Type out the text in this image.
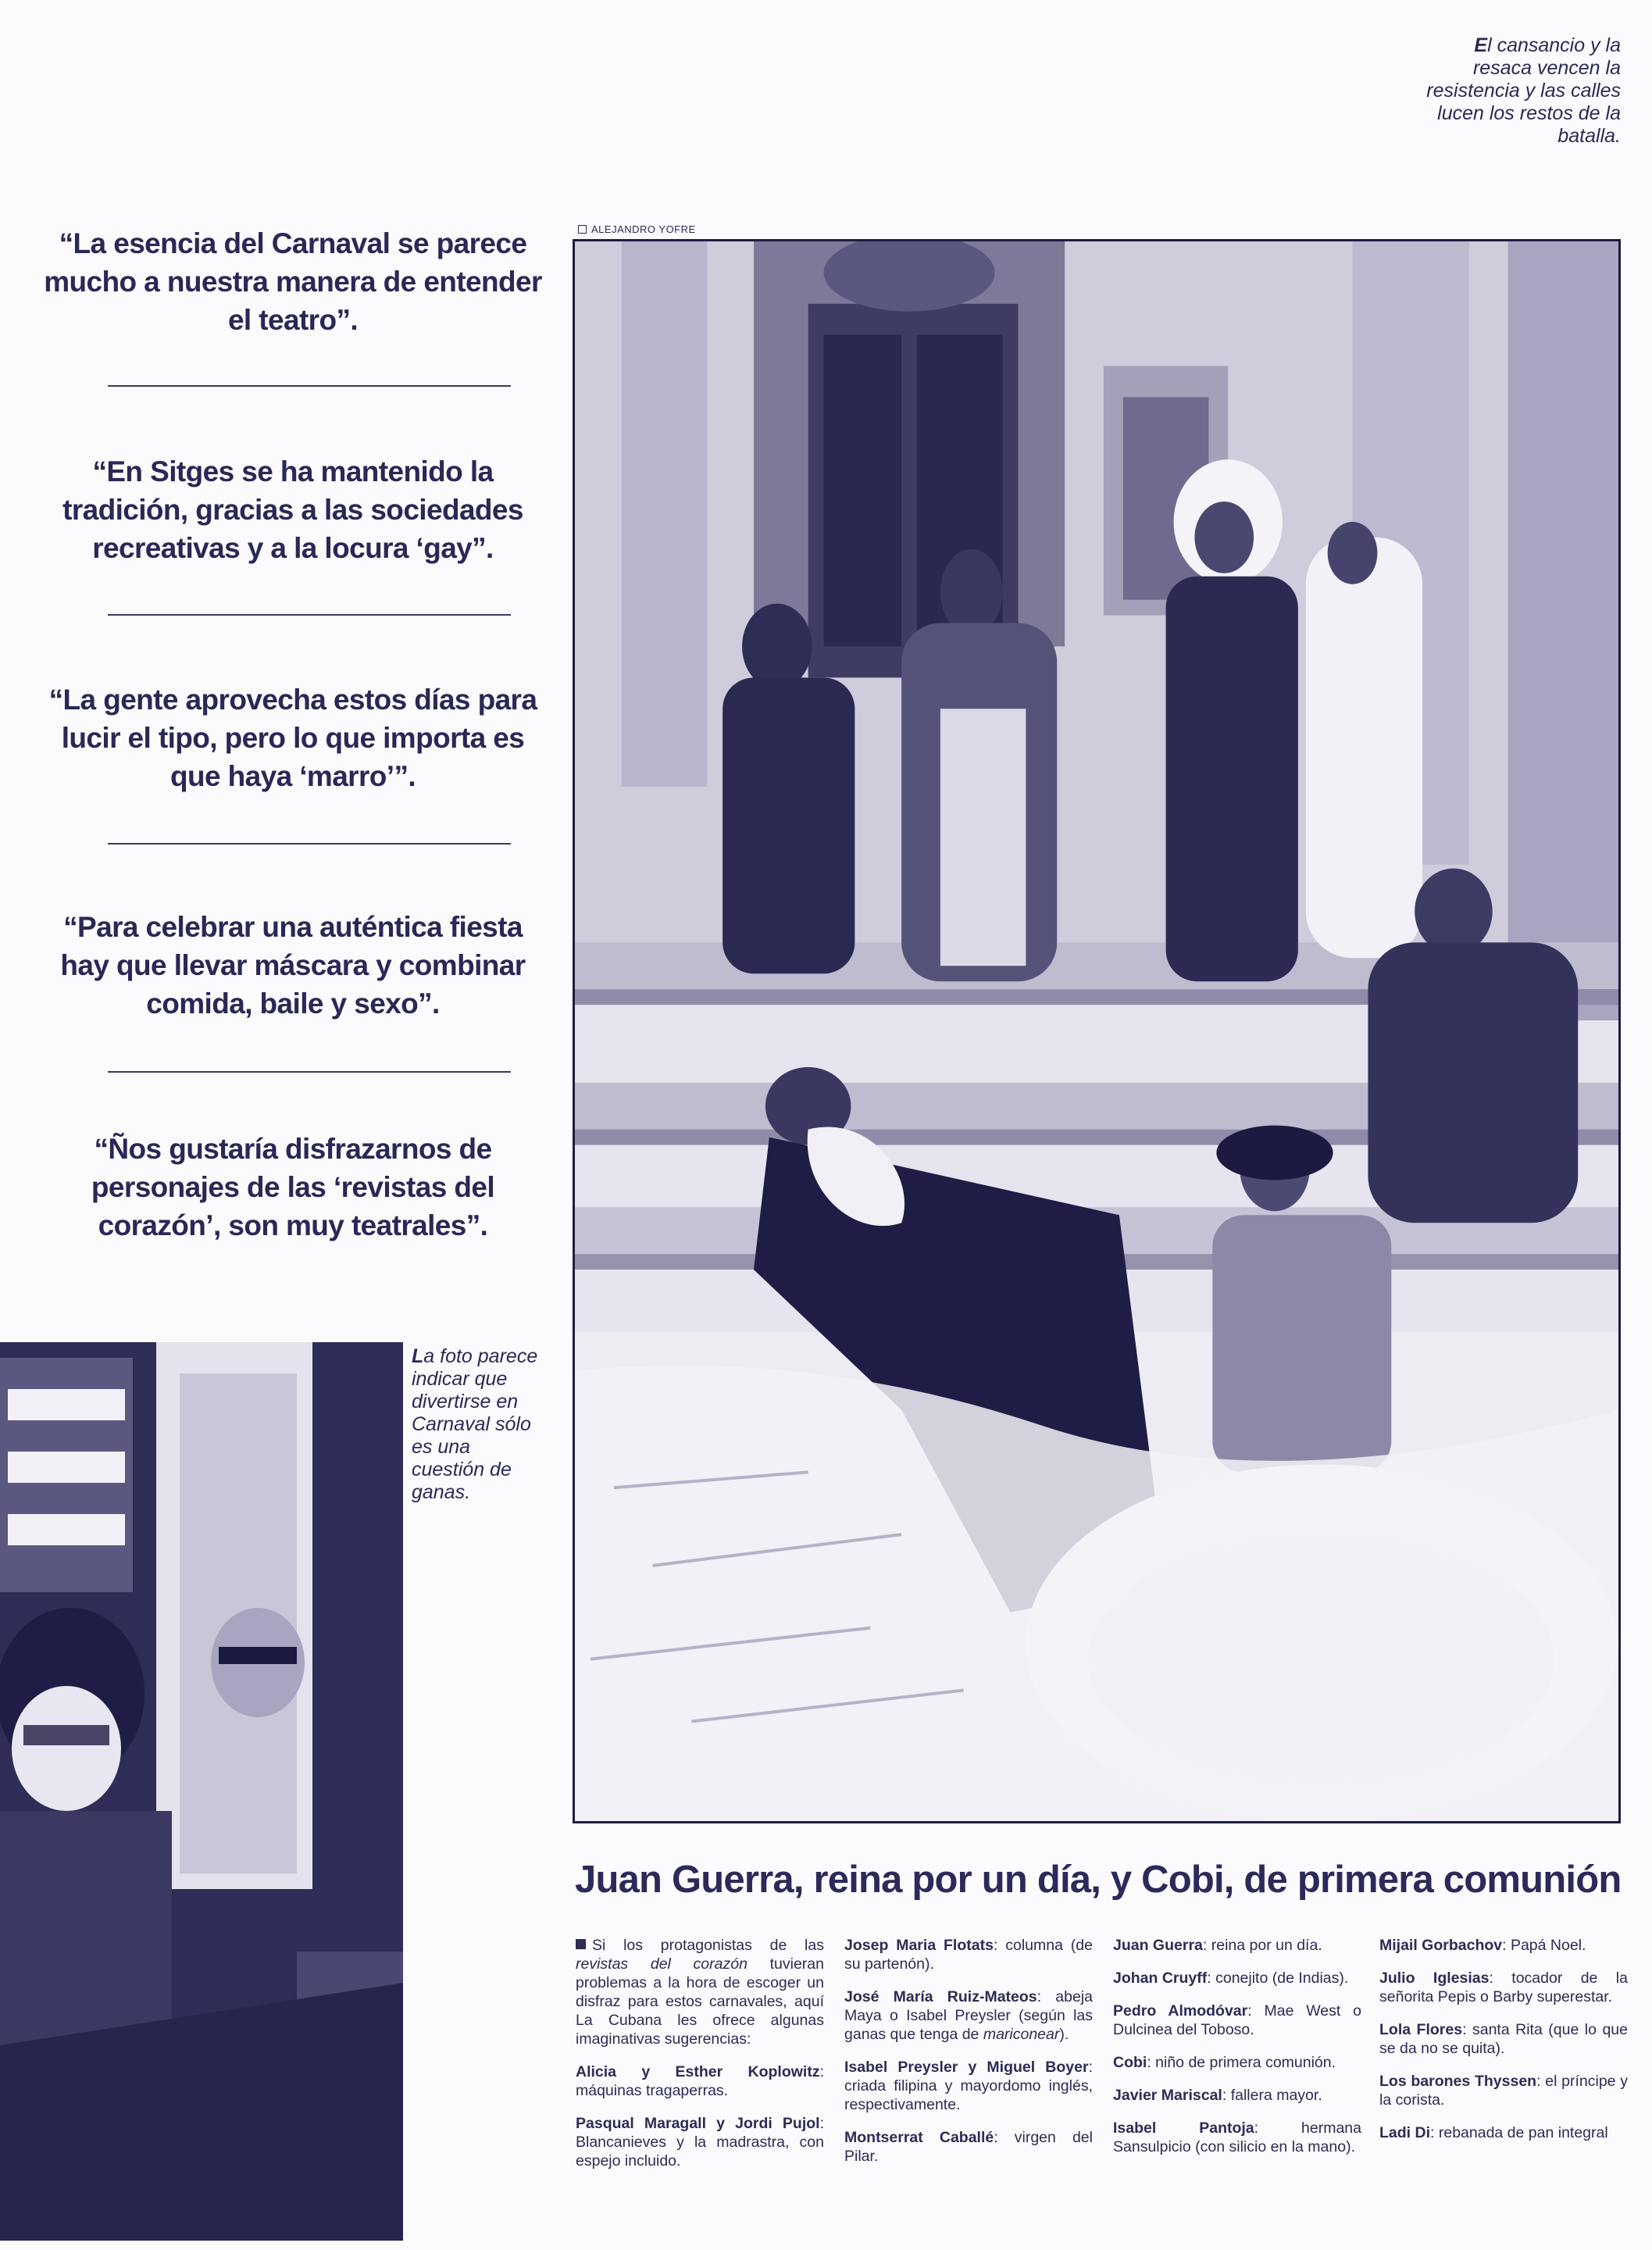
El cansancio y la resaca vencen la resistencia y las calles lucen los restos de la batalla.
ALEJANDRO YOFRE
“La esencia del Carnaval se parece mucho a nuestra manera de entender el teatro”.
“En Sitges se ha mantenido la tradición, gracias a las sociedades recreativas y a la locura ‘gay”.
“La gente aprovecha estos días para lucir el tipo, pero lo que importa es que haya ‘marro’”.
“Para celebrar una auténtica fiesta hay que llevar máscara y combinar comida, baile y sexo”.
“Ños gustaría disfrazarnos de personajes de las ‘revistas del corazón’, son muy teatrales”.
La foto parece indicar que divertirse en Carnaval sólo es una cuestión de ganas.
Juan Guerra, reina por un día, y Cobi, de primera comunión

Si los protagonistas de las revistas del corazón tuvieran problemas a la hora de escoger un disfraz para estos carnavales, aquí La Cubana les ofrece algunas imaginativas sugerencias:

Alicia y Esther Koplowitz: máquinas tragaperras.

Pasqual Maragall y Jordi Pujol: Blancanieves y la madrastra, con espejo incluido.

Josep Maria Flotats: columna (de su partenón).

José María Ruiz-Mateos: abeja Maya o Isabel Preysler (según las ganas que tenga de mariconear).

Isabel Preysler y Miguel Boyer: criada filipina y mayordomo inglés, respectivamente.

Montserrat Caballé: virgen del Pilar.

Juan Guerra: reina por un día.

Johan Cruyff: conejito (de Indias).

Pedro Almodóvar: Mae West o Dulcinea del Toboso.

Cobi: niño de primera comunión.

Javier Mariscal: fallera mayor.

Isabel Pantoja: hermana Sansulpicio (con silicio en la mano).

Mijail Gorbachov: Papá Noel.

Julio Iglesias: tocador de la señorita Pepis o Barby superestar.

Lola Flores: santa Rita (que lo que se da no se quita).

Los barones Thyssen: el príncipe y la corista.

Ladi Di: rebanada de pan integral
